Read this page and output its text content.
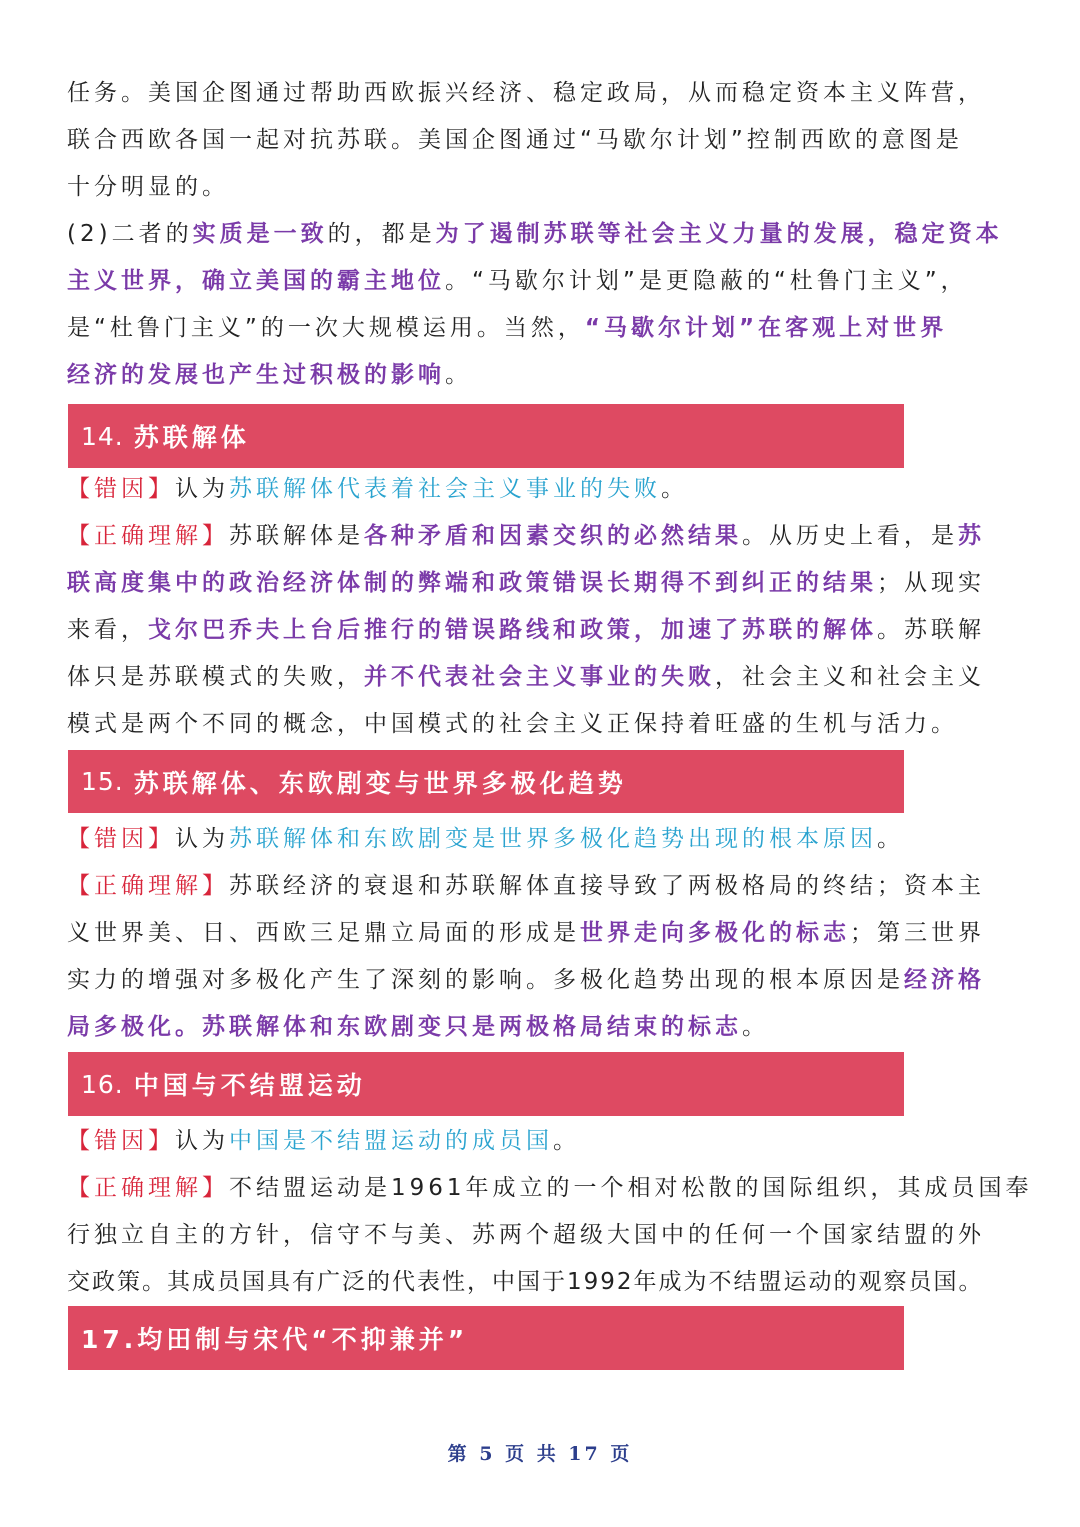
任务。美国企图通过帮助西欧振兴经济、稳定政局，从而稳定资本主义阵营，
联合西欧各国一起对抗苏联。美国企图通过“马歇尔计划”控制西欧的意图是
十分明显的。
(2)二者的实质是一致的，都是为了遏制苏联等社会主义力量的发展，稳定资本
主义世界，确立美国的霸主地位。“马歇尔计划”是更隐蔽的“杜鲁门主义”，
是“杜鲁门主义”的一次大规模运用。当然，“马歇尔计划”在客观上对世界
经济的发展也产生过积极的影响。
14. 苏联解体
【错因】认为苏联解体代表着社会主义事业的失败。
【正确理解】苏联解体是各种矛盾和因素交织的必然结果。从历史上看，是苏
联高度集中的政治经济体制的弊端和政策错误长期得不到纠正的结果；从现实
来看，戈尔巴乔夫上台后推行的错误路线和政策，加速了苏联的解体。苏联解
体只是苏联模式的失败，并不代表社会主义事业的失败，社会主义和社会主义
模式是两个不同的概念，中国模式的社会主义正保持着旺盛的生机与活力。
15. 苏联解体、东欧剧变与世界多极化趋势
【错因】认为苏联解体和东欧剧变是世界多极化趋势出现的根本原因。
【正确理解】苏联经济的衰退和苏联解体直接导致了两极格局的终结；资本主
义世界美、日、西欧三足鼎立局面的形成是世界走向多极化的标志；第三世界
实力的增强对多极化产生了深刻的影响。多极化趋势出现的根本原因是经济格
局多极化。苏联解体和东欧剧变只是两极格局结束的标志。
16. 中国与不结盟运动
【错因】认为中国是不结盟运动的成员国。
【正确理解】不结盟运动是1961年成立的一个相对松散的国际组织，其成员国奉
行独立自主的方针，信守不与美、苏两个超级大国中的任何一个国家结盟的外
交政策。其成员国具有广泛的代表性，中国于1992年成为不结盟运动的观察员国。
17.均田制与宋代“不抑兼并”
第 5 页 共 17 页
